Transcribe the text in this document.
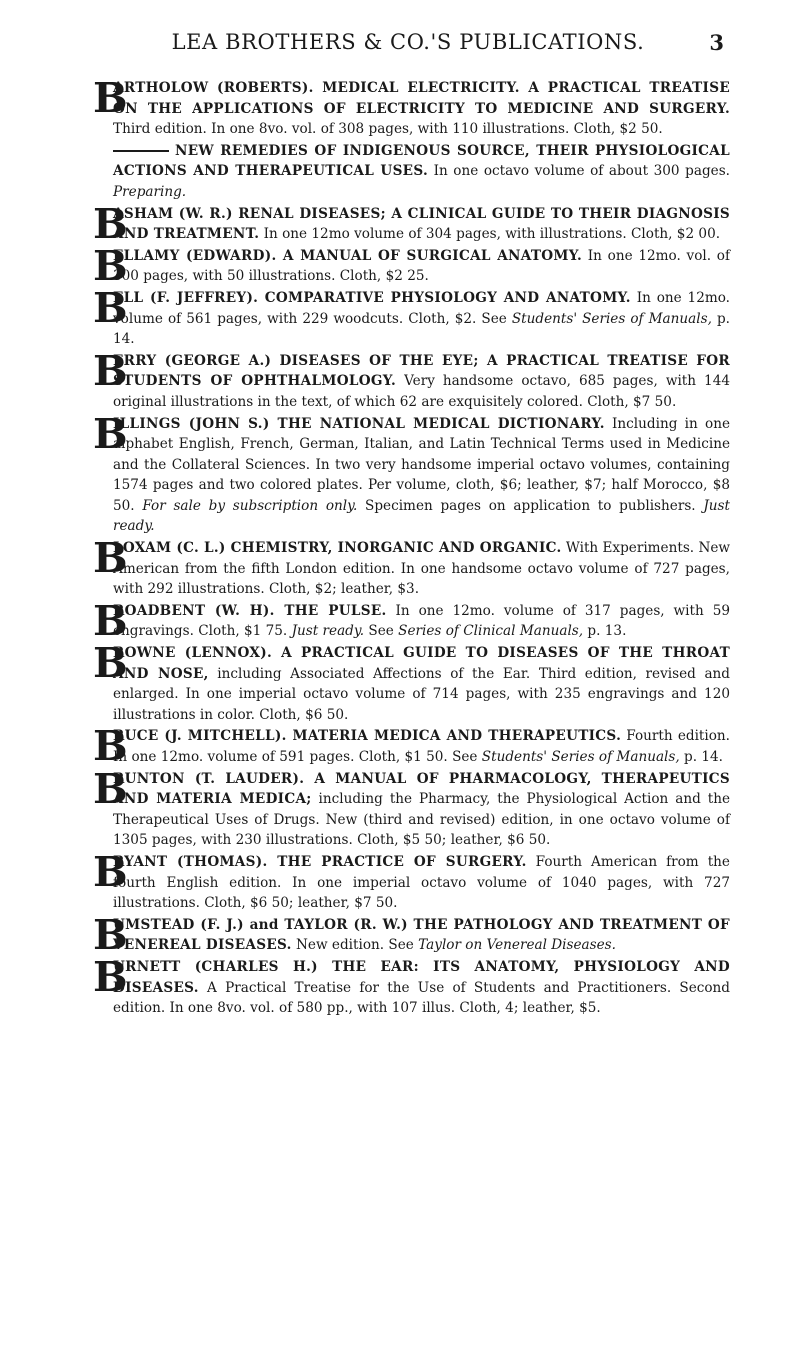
LEA BROTHERS & CO.'S PUBLICATIONS.	3
B
ARTHOLOW (ROBERTS). MEDICAL ELECTRICITY. A PRACTICAL TREATISE ON THE APPLICATIONS OF ELECTRICITY TO MEDICINE AND SURGERY. Third edition. In one 8vo. vol. of 308 pages, with 110 illustrations. Cloth, $2 50.
NEW REMEDIES OF INDIGENOUS SOURCE, THEIR PHYSIOLOGICAL ACTIONS AND THERAPEUTICAL USES. In one octavo volume of about 300 pages. Preparing.
B
ASHAM (W. R.) RENAL DISEASES; A CLINICAL GUIDE TO THEIR DIAGNOSIS AND TREATMENT. In one 12mo volume of 304 pages, with illustrations. Cloth, $2 00.
B
ELLAMY (EDWARD). A MANUAL OF SURGICAL ANATOMY. In one 12mo. vol. of 300 pages, with 50 illustrations. Cloth, $2 25.
B
ELL (F. JEFFREY). COMPARATIVE PHYSIOLOGY AND ANATOMY. In one 12mo. volume of 561 pages, with 229 woodcuts. Cloth, $2. See Students' Series of Manuals, p. 14.
B
ERRY (GEORGE A.) DISEASES OF THE EYE; A PRACTICAL TREATISE FOR STUDENTS OF OPHTHALMOLOGY. Very handsome octavo, 685 pages, with 144 original illustrations in the text, of which 62 are exquisitely colored. Cloth, $7 50.
B
ILLINGS (JOHN S.) THE NATIONAL MEDICAL DICTIONARY. Including in one alphabet English, French, German, Italian, and Latin Technical Terms used in Medicine and the Collateral Sciences. In two very handsome imperial octavo volumes, containing 1574 pages and two colored plates. Per volume, cloth, $6; leather, $7; half Morocco, $8 50. For sale by subscription only. Specimen pages on application to publishers. Just ready.
B
LOXAM (C. L.) CHEMISTRY, INORGANIC AND ORGANIC. With Experiments. New American from the fifth London edition. In one handsome octavo volume of 727 pages, with 292 illustrations. Cloth, $2; leather, $3.
B
ROADBENT (W. H). THE PULSE. In one 12mo. volume of 317 pages, with 59 engravings. Cloth, $1 75. Just ready. See Series of Clinical Manuals, p. 13.
B
ROWNE (LENNOX). A PRACTICAL GUIDE TO DISEASES OF THE THROAT AND NOSE, including Associated Affections of the Ear. Third edition, revised and enlarged. In one imperial octavo volume of 714 pages, with 235 engravings and 120 illustrations in color. Cloth, $6 50.
B
RUCE (J. MITCHELL). MATERIA MEDICA AND THERAPEUTICS. Fourth edition. In one 12mo. volume of 591 pages. Cloth, $1 50. See Students' Series of Manuals, p. 14.
B
RUNTON (T. LAUDER). A MANUAL OF PHARMACOLOGY, THERAPEUTICS AND MATERIA MEDICA; including the Pharmacy, the Physiological Action and the Therapeutical Uses of Drugs. New (third and revised) edition, in one octavo volume of 1305 pages, with 230 illustrations. Cloth, $5 50; leather, $6 50.
B
RYANT (THOMAS). THE PRACTICE OF SURGERY. Fourth American from the fourth English edition. In one imperial octavo volume of 1040 pages, with 727 illustrations. Cloth, $6 50; leather, $7 50.
B
UMSTEAD (F. J.) and TAYLOR (R. W.) THE PATHOLOGY AND TREATMENT OF VENEREAL DISEASES. New edition. See Taylor on Venereal Diseases.
B
URNETT (CHARLES H.) THE EAR: ITS ANATOMY, PHYSIOLOGY AND DISEASES. A Practical Treatise for the Use of Students and Practitioners. Second edition. In one 8vo. vol. of 580 pp., with 107 illus. Cloth, 4; leather, $5.
